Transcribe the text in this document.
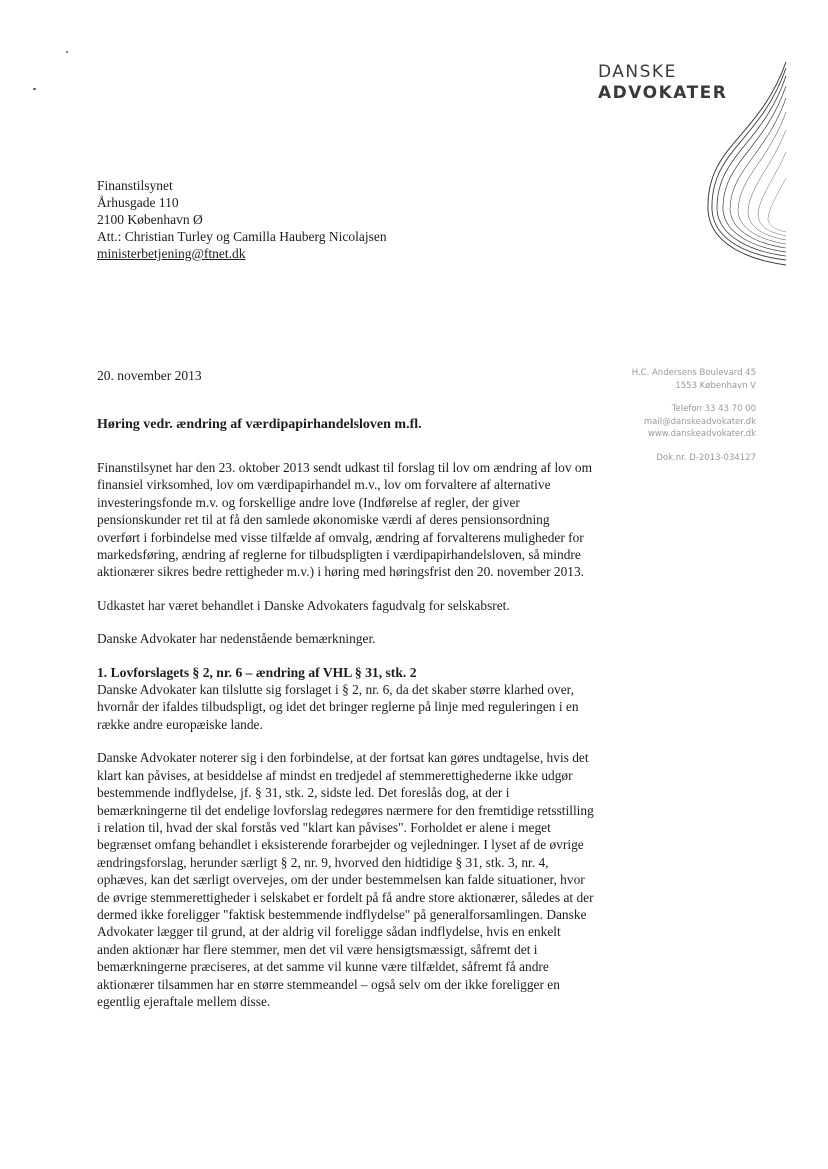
DANSKE
ADVOKATER
Finanstilsynet
Århusgade 110
2100 København Ø
Att.: Christian Turley og Camilla Hauberg Nicolajsen
ministerbetjening@ftnet.dk
20. november 2013	H.C. Andersens Boulevard 45
1553 København V
Telefon 33 43 70 00
mail@danskeadvokater.dk
www.danskeadvokater.dk
Dok.nr. D-2013-034127
Høring vedr. ændring af værdipapirhandelsloven m.fl.

Finanstilsynet har den 23. oktober 2013 sendt udkast til forslag til lov om ændring af lov om finansiel virksomhed, lov om værdipapirhandel m.v., lov om forvaltere af alternative investeringsfonde m.v. og forskellige andre love (Indførelse af regler, der giver pensionskunder ret til at få den samlede økonomiske værdi af deres pensionsordning overført i forbindelse med visse tilfælde af omvalg, ændring af forvalterens muligheder for markedsføring, ændring af reglerne for tilbudspligten i værdipapirhandelsloven, så mindre aktionærer sikres bedre rettigheder m.v.) i høring med høringsfrist den 20. november 2013.

Udkastet har været behandlet i Danske Advokaters fagudvalg for selskabsret.

Danske Advokater har nedenstående bemærkninger.

1. Lovforslagets § 2, nr. 6 – ændring af VHL § 31, stk. 2

Danske Advokater kan tilslutte sig forslaget i § 2, nr. 6, da det skaber større klarhed over, hvornår der ifaldes tilbudspligt, og idet det bringer reglerne på linje med reguleringen i en række andre europæiske lande.

Danske Advokater noterer sig i den forbindelse, at der fortsat kan gøres undtagelse, hvis det klart kan påvises, at besiddelse af mindst en tredjedel af stemmerettighederne ikke udgør bestemmende indflydelse, jf. § 31, stk. 2, sidste led. Det foreslås dog, at der i bemærkningerne til det endelige lovforslag redegøres nærmere for den fremtidige retsstilling i relation til, hvad der skal forstås ved "klart kan påvises". Forholdet er alene i meget begrænset omfang behandlet i eksisterende forarbejder og vejledninger. I lyset af de øvrige ændringsforslag, herunder særligt § 2, nr. 9, hvorved den hidtidige § 31, stk. 3, nr. 4, ophæves, kan det særligt overvejes, om der under bestemmelsen kan falde situationer, hvor de øvrige stemmerettigheder i selskabet er fordelt på få andre store aktionærer, således at der dermed ikke foreligger "faktisk bestemmende indflydelse" på generalforsamlingen. Danske Advokater lægger til grund, at der aldrig vil foreligge sådan indflydelse, hvis en enkelt anden aktionær har flere stemmer, men det vil være hensigtsmæssigt, såfremt det i bemærkningerne præciseres, at det samme vil kunne være tilfældet, såfremt få andre aktionærer tilsammen har en større stemmeandel – også selv om der ikke foreligger en egentlig ejeraftale mellem disse.
